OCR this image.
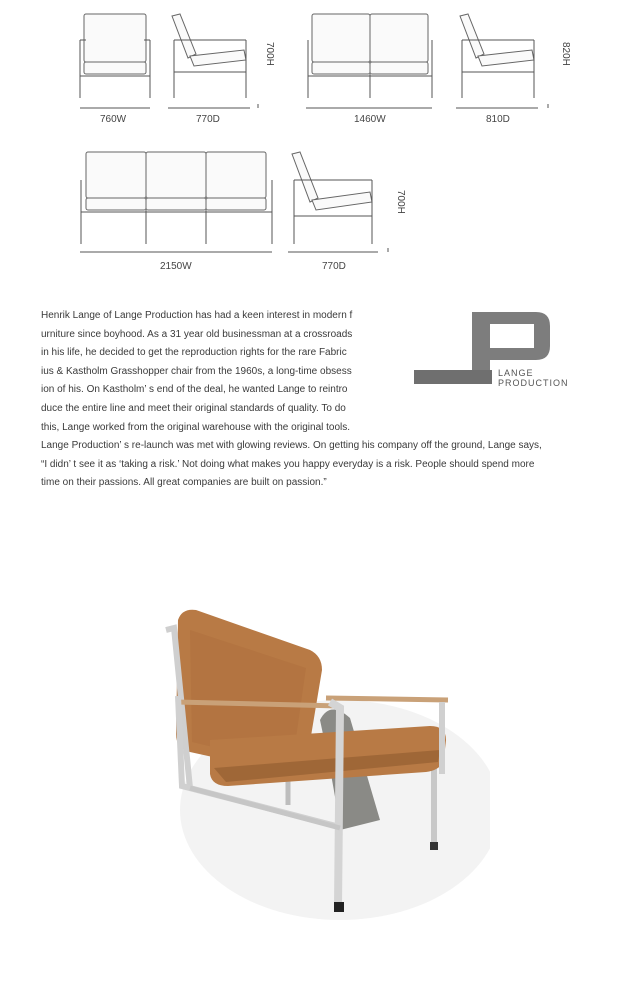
700H	820H
760W	770D	1460W	810D
700H
2150W	770D
Henrik Lange of Lange Production has had a keen interest in modern f
urniture since boyhood. As a 31 year old businessman at a crossroads
in his life, he decided to get the reproduction rights for the rare Fabric
ius & Kastholm Grasshopper chair from the 1960s, a long-time obsess
ion of his. On Kastholm’ s end of the deal, he wanted Lange to reintro
duce the entire line and meet their original standards of quality. To do
this, Lange worked from the original warehouse with the original tools.
Lange Production’ s re-launch was met with glowing reviews. On getting his company off the ground, Lange says,
“I didn’ t see it as ‘taking a risk.’ Not doing what makes you happy everyday is a risk. People should spend more
time on their passions. All great companies are built on passion.”
LANGE
PRODUCTION
